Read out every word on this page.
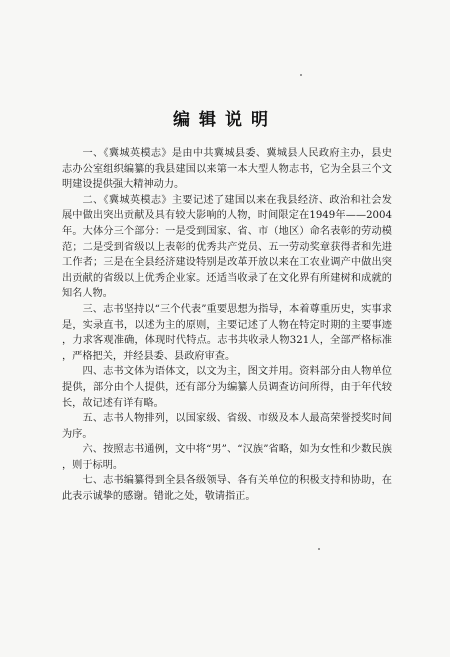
编辑说明

一、《冀城英模志》是由中共冀城县委、冀城县人民政府主办，县史志办公室组织编纂的我县建国以来第一本大型人物志书，它为全县三个文明建设提供强大精神动力。

二、《冀城英模志》主要记述了建国以来在我县经济、政治和社会发展中做出突出贡献及具有较大影响的人物，时间限定在1949年——2004年。大体分三个部分：一是受到国家、省、市（地区）命名表彰的劳动模范；二是受到省级以上表彰的优秀共产党员、五一劳动奖章获得者和先进工作者；三是在全县经济建设特别是改革开放以来在工农业调产中做出突出贡献的省级以上优秀企业家。还适当收录了在文化界有所建树和成就的知名人物。

三、志书坚持以“三个代表”重要思想为指导，本着尊重历史，实事求是，实录直书，以述为主的原则，主要记述了人物在特定时期的主要事迹，力求客观准确，体现时代特点。志书共收录人物321人，全部严格标准，严格把关，并经县委、县政府审查。

四、志书文体为语体文，以文为主，图文并用。资料部分由人物单位提供，部分由个人提供，还有部分为编纂人员调查访问所得，由于年代较长，故记述有详有略。

五、志书人物排列，以国家级、省级、市级及本人最高荣誉授奖时间为序。

六、按照志书通例，文中将“男”、“汉族”省略，如为女性和少数民族，则于标明。

七、志书编纂得到全县各级领导、各有关单位的积极支持和协助，在此表示诚挚的感谢。错讹之处，敬请指正。
